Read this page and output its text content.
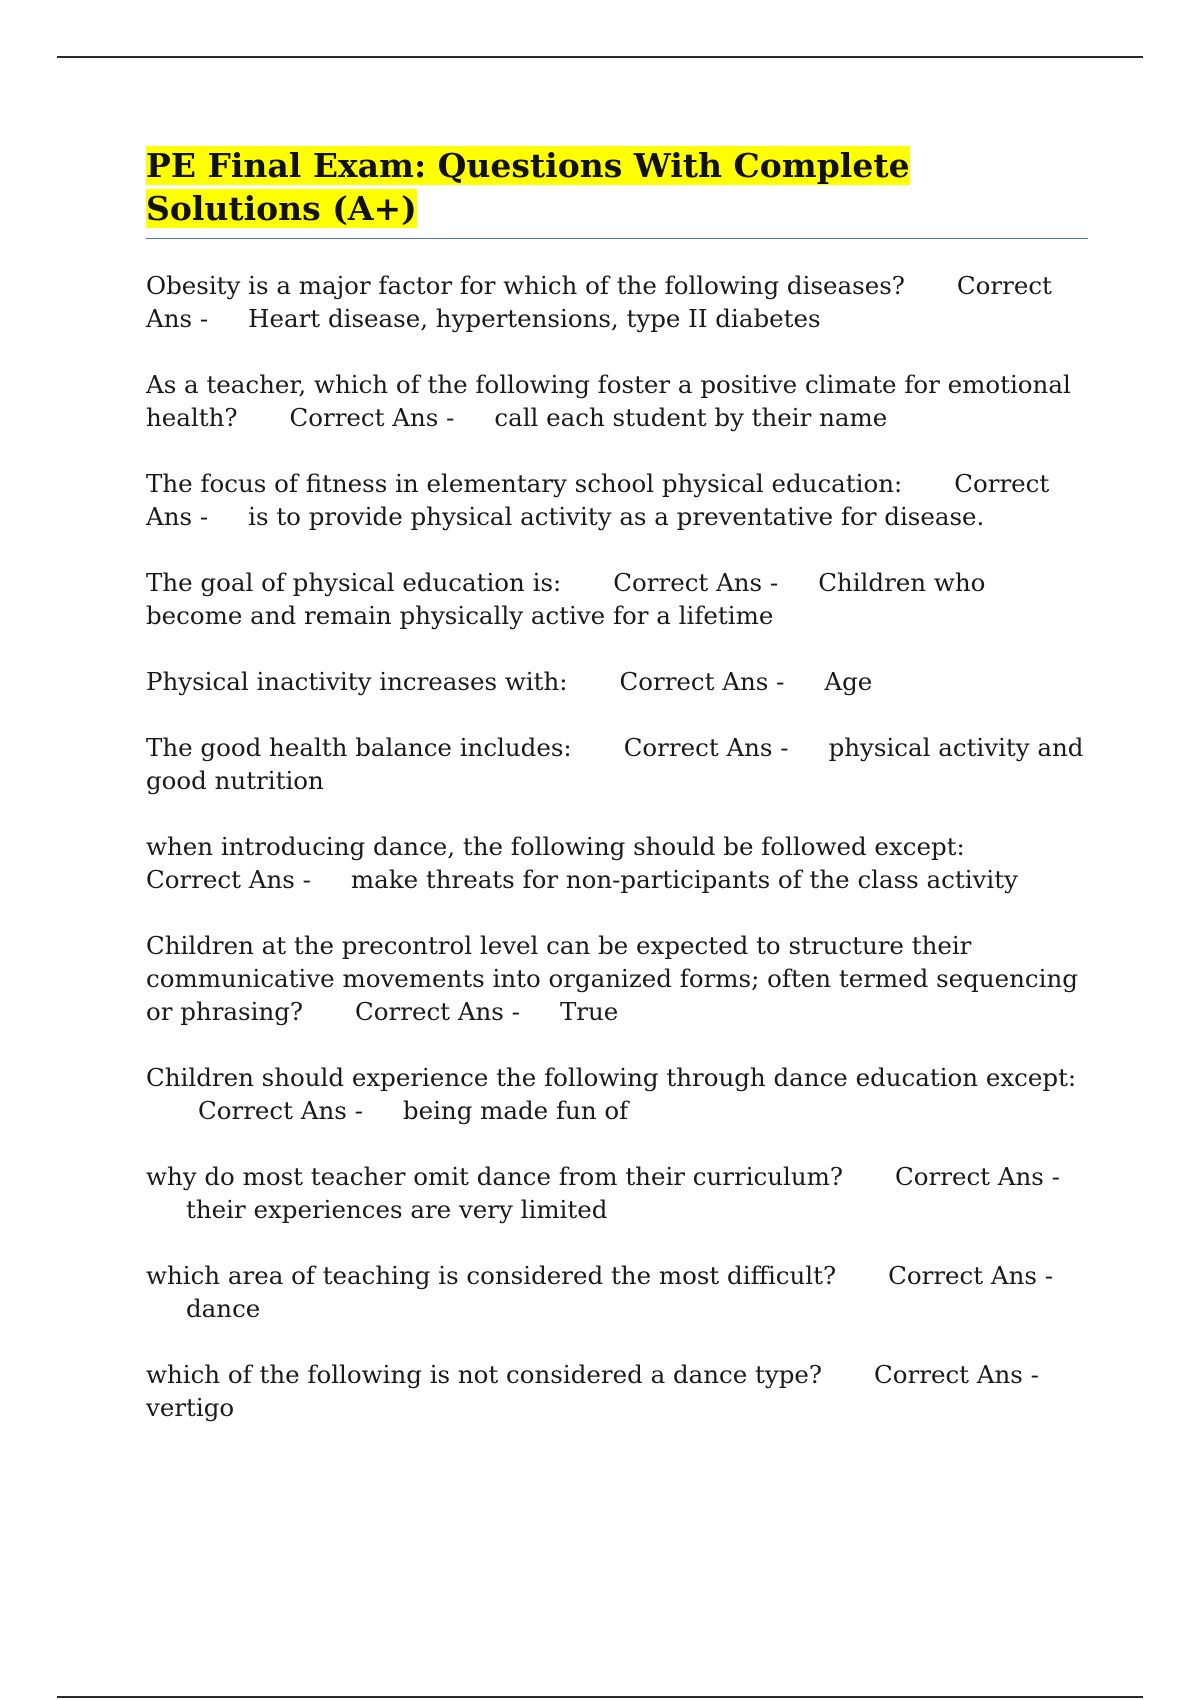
PE Final Exam: Questions With Complete Solutions (A+)

Obesity is a major factor for which of the following diseases? Correct Ans - Heart disease, hypertensions, type II diabetes

As a teacher, which of the following foster a positive climate for emotional health? Correct Ans - call each student by their name

The focus of fitness in elementary school physical education: Correct Ans - is to provide physical activity as a preventative for disease.

The goal of physical education is: Correct Ans - Children who become and remain physically active for a lifetime

Physical inactivity increases with: Correct Ans - Age

The good health balance includes: Correct Ans - physical activity and good nutrition

when introducing dance, the following should be followed except:Correct Ans - make threats for non-participants of the class activity

Children at the precontrol level can be expected to structure their communicative movements into organized forms; often termed sequencing or phrasing? Correct Ans - True

Children should experience the following through dance education except:Correct Ans - being made fun of

why do most teacher omit dance from their curriculum? Correct Ans -their experiences are very limited

which area of teaching is considered the most difficult? Correct Ans -dance

which of the following is not considered a dance type? Correct Ans -vertigo
